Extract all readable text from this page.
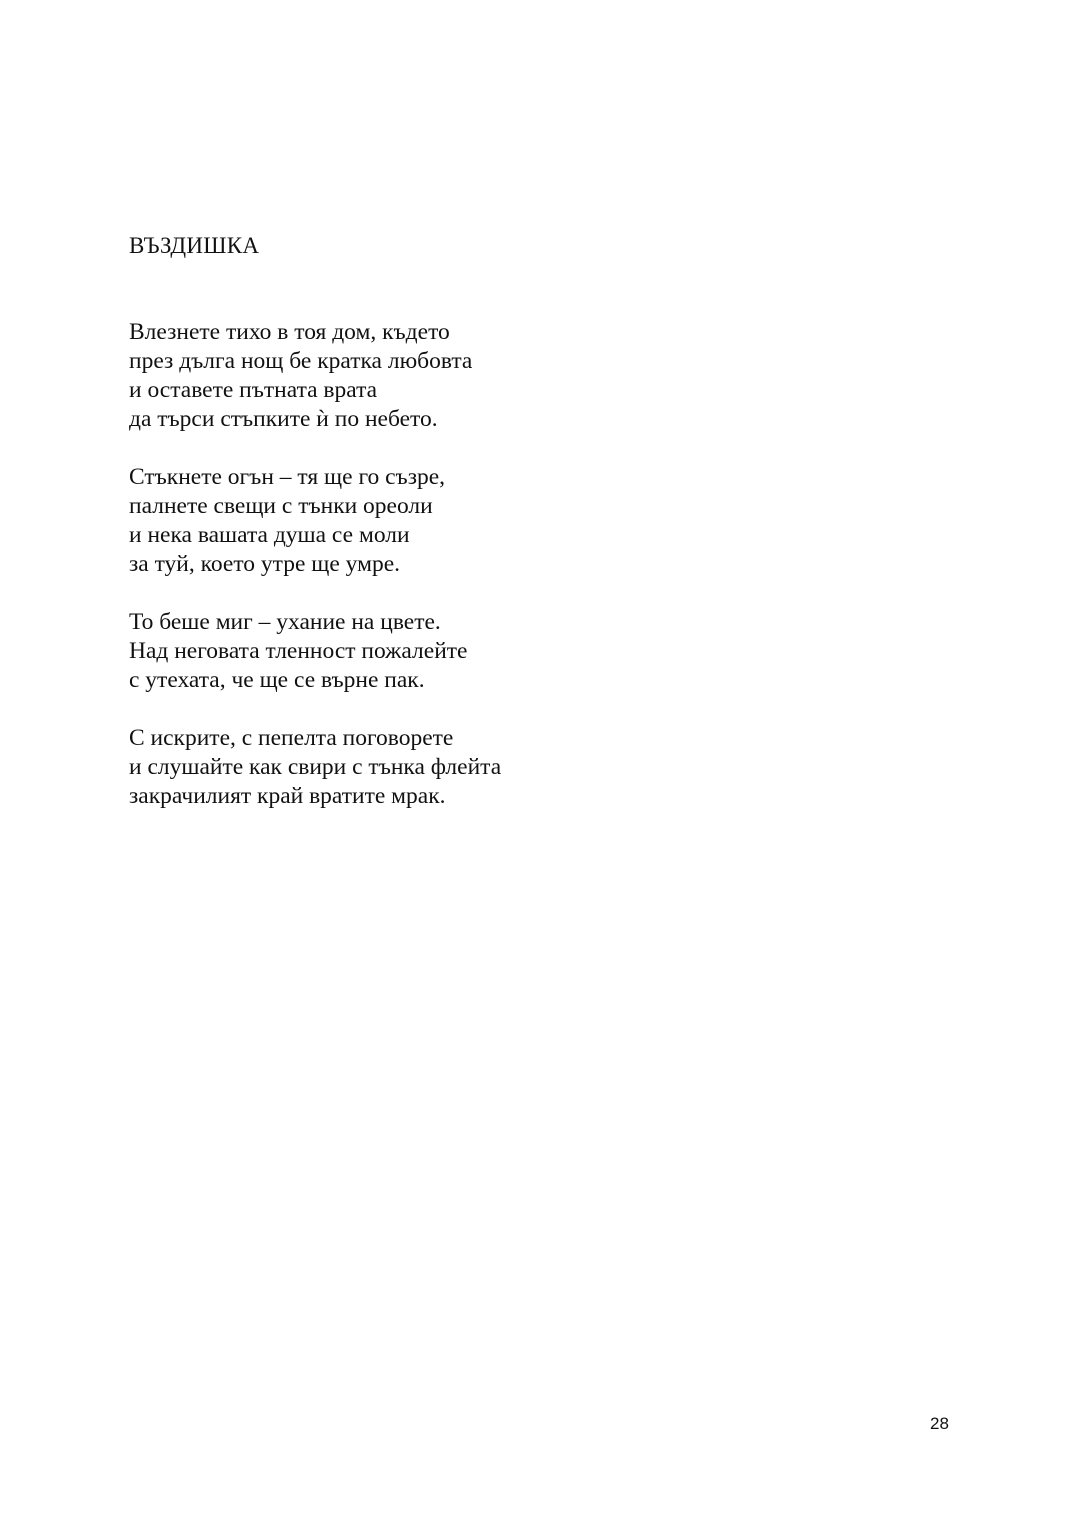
ВЪЗДИШКА
Влезнете тихо в тоя дом, където
през дълга нощ бе кратка любовта
и оставете пътната врата
да търси стъпките ѝ по небето.
Стъкнете огън – тя ще го съзре,
палнете свещи с тънки ореоли
и нека вашата душа се моли
за туй, което утре ще умре.
То беше миг – ухание на цвете.
Над неговата тленност пожалейте
с утехата, че ще се върне пак.
С искрите, с пепелта поговорете
и слушайте как свири с тънка флейта
закрачилият край вратите мрак.
28
